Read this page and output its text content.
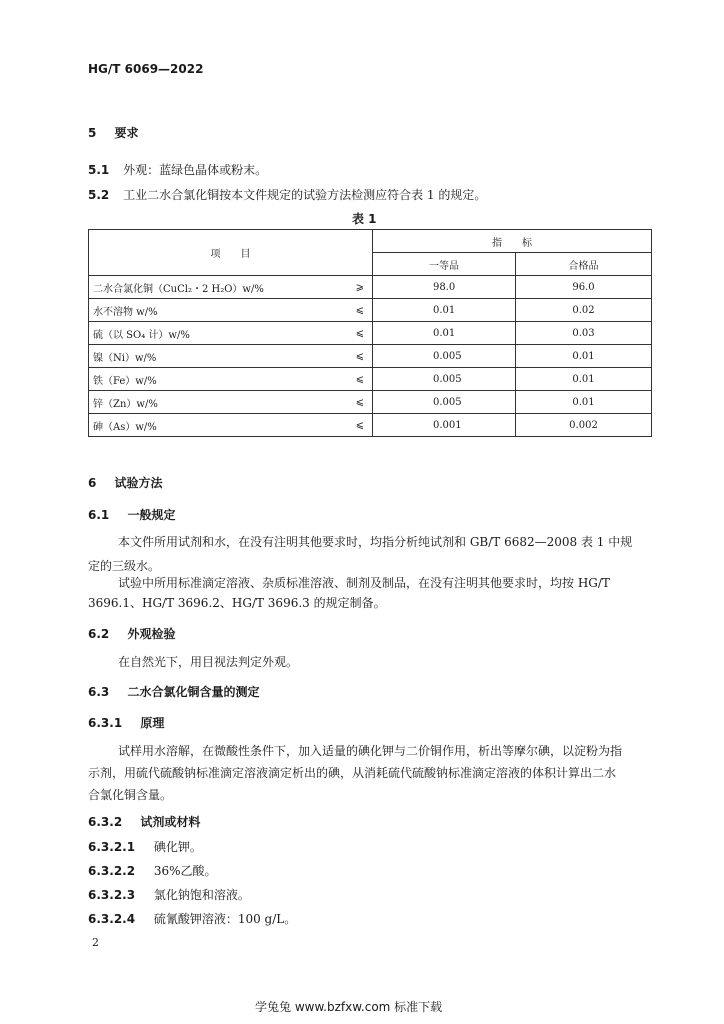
HG/T 6069—2022
5 要求
5.1 外观：蓝绿色晶体或粉末。
5.2 工业二水合氯化铜按本文件规定的试验方法检测应符合表 1 的规定。
表 1
项　　目		指　　标	
		一等品	合格品
二水合氯化铜（CuCl₂・2 H₂O）w/%	⩾	98.0	96.0
水不溶物 w/%	⩽	0.01	0.02
硫（以 SO₄ 计）w/%	⩽	0.01	0.03
镍（Ni）w/%	⩽	0.005	0.01
铁（Fe）w/%	⩽	0.005	0.01
锌（Zn）w/%	⩽	0.005	0.01
砷（As）w/%	⩽	0.001	0.002
6 试验方法
6.1 一般规定
本文件所用试剂和水，在没有注明其他要求时，均指分析纯试剂和 GB/T 6682—2008 表 1 中规
定的三级水。
试验中所用标准滴定溶液、杂质标准溶液、制剂及制品，在没有注明其他要求时，均按 HG/T
3696.1、HG/T 3696.2、HG/T 3696.3 的规定制备。
6.2 外观检验
在自然光下，用目视法判定外观。
6.3 二水合氯化铜含量的测定
6.3.1 原理
试样用水溶解，在微酸性条件下，加入适量的碘化钾与二价铜作用，析出等摩尔碘，以淀粉为指
示剂，用硫代硫酸钠标准滴定溶液滴定析出的碘，从消耗硫代硫酸钠标准滴定溶液的体积计算出二水
合氯化铜含量。
6.3.2 试剂或材料
6.3.2.1 碘化钾。
6.3.2.2 36%乙酸。
6.3.2.3 氯化钠饱和溶液。
6.3.2.4 硫氰酸钾溶液：100 g/L。
2
学兔兔 www.bzfxw.com 标准下载
